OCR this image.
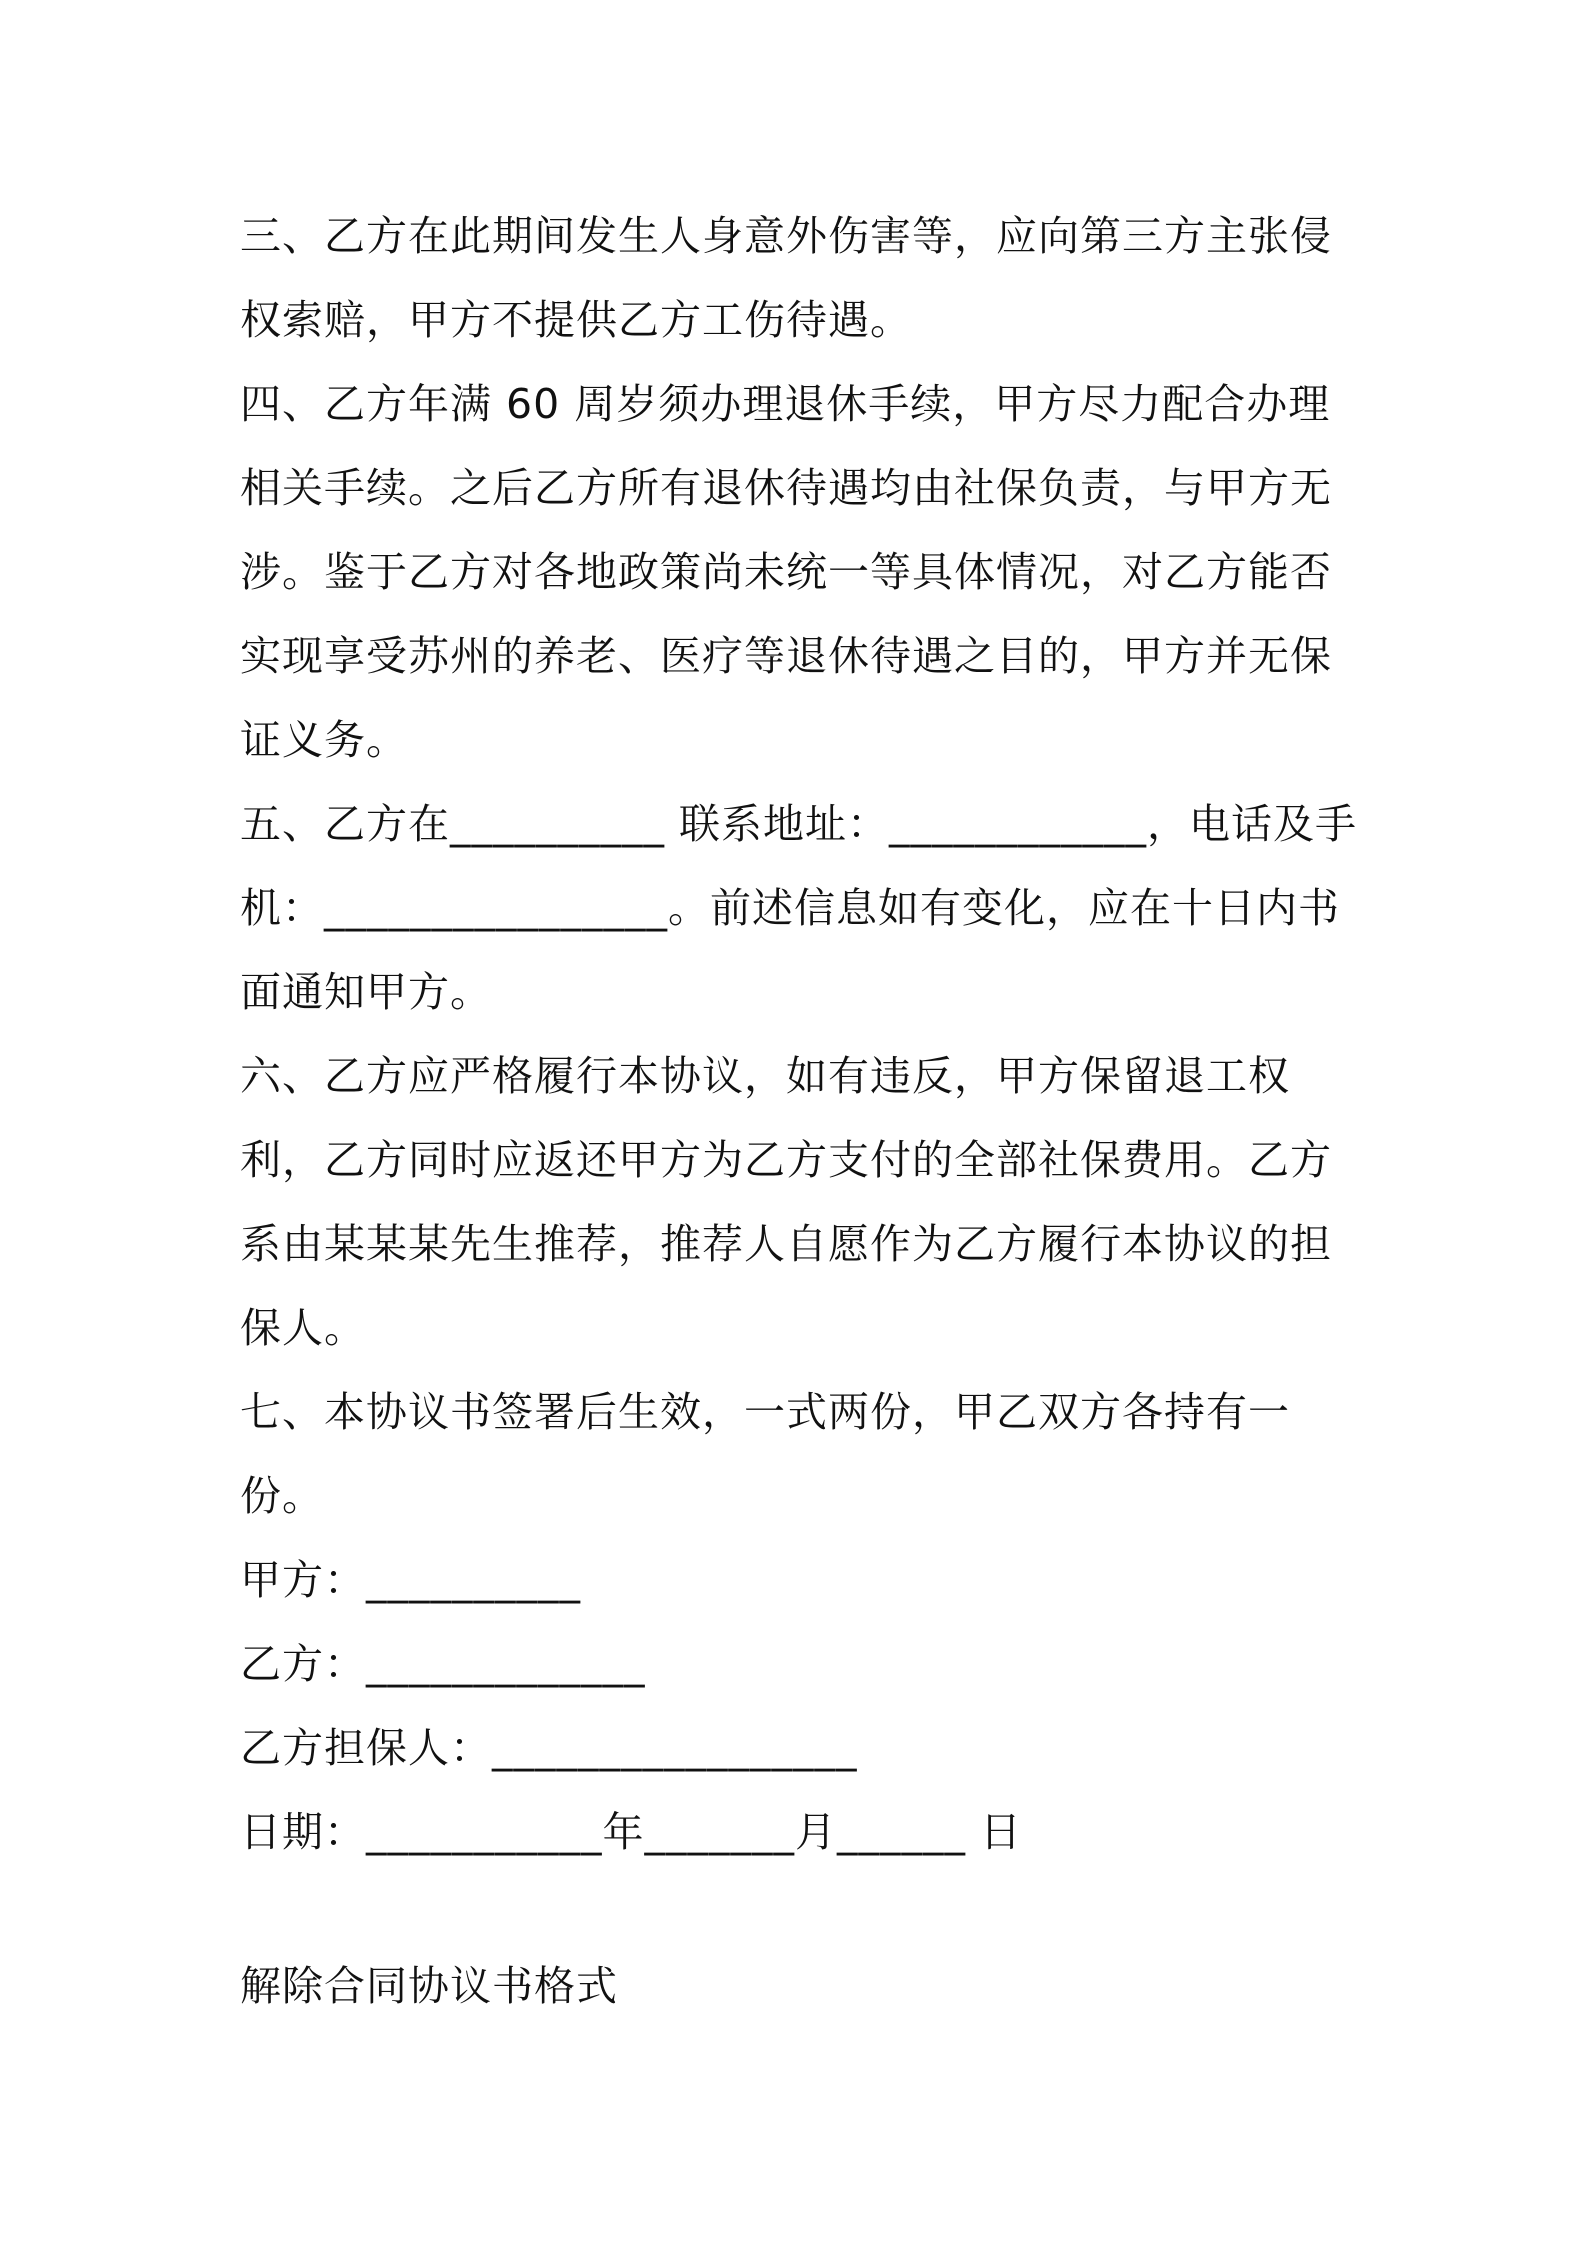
三、乙方在此期间发生人身意外伤害等，应向第三方主张侵权索赔，甲方不提供乙方工伤待遇。

四、乙方年满 60 周岁须办理退休手续，甲方尽力配合办理相关手续。之后乙方所有退休待遇均由社保负责，与甲方无涉。鉴于乙方对各地政策尚未统一等具体情况，对乙方能否实现享受苏州的养老、医疗等退休待遇之目的，甲方并无保证义务。

五、乙方在__________ 联系地址：____________，电话及手机：________________。前述信息如有变化，应在十日内书面通知甲方。

六、乙方应严格履行本协议，如有违反，甲方保留退工权利，乙方同时应返还甲方为乙方支付的全部社保费用。乙方系由某某某先生推荐，推荐人自愿作为乙方履行本协议的担保人。

七、本协议书签署后生效，一式两份，甲乙双方各持有一份。

甲方：__________

乙方：_____________

乙方担保人：_________________

日期：___________年_______月______ 日

解除合同协议书格式
